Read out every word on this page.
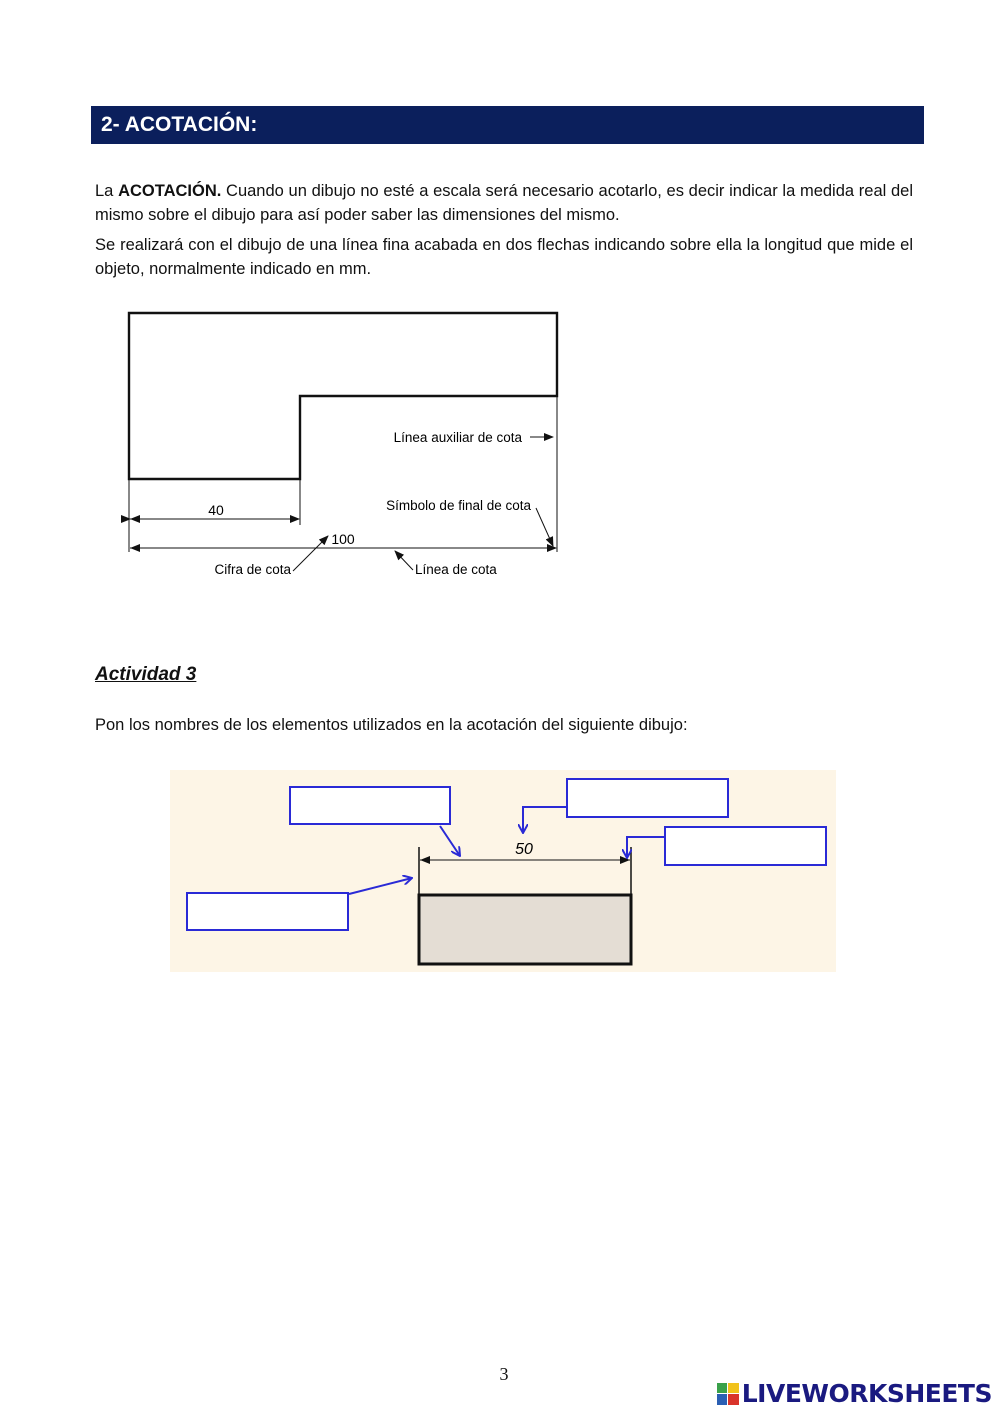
2- ACOTACIÓN:

La ACOTACIÓN. Cuando un dibujo no esté a escala será necesario acotarlo, es decir indicar la medida real del mismo sobre el dibujo para así poder saber las dimensiones del mismo.

Se realizará con el dibujo de una línea fina acabada en dos flechas indicando sobre ella la longitud que mide el objeto, normalmente indicado en mm.

40
100
Línea auxiliar de cota
Símbolo de final de cota
Cifra de cota	Línea de cota
Actividad 3
Pon los nombres de los elementos utilizados en la acotación del siguiente dibujo:
50
3
LIVEWORKSHEETS
